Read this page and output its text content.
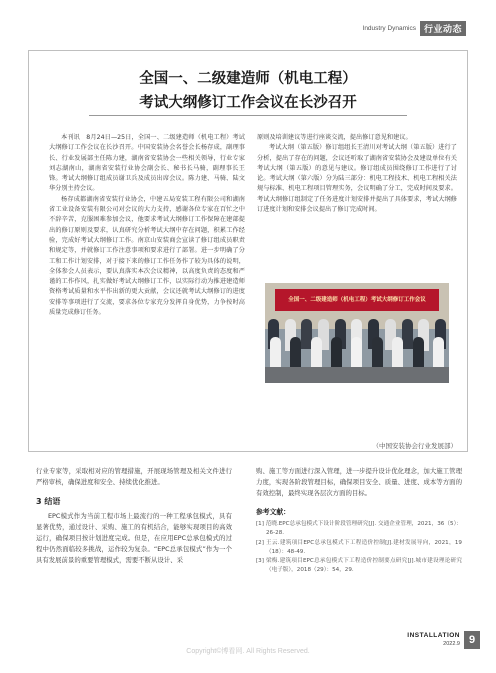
Industry Dynamics 行业动态
全国一、二级建造师（机电工程）
考试大纲修订工作会议在长沙召开

本刊讯　8月24日—25日，全国一、二级建造师（机电工程）考试大纲修订工作会议在长沙召开。中国安装协会名誉会长杨存成，副理事长、行业发展部主任陈力建，湖南省安装协会一些相关领导，行业专家刘志湖南山，湖南省安装行业协会副会长、秘书长马骑，副理事长王锋。考试大纲修订组成员谢卫兵及成员出席会议。陈力建、马骑、陆文华分别主持会议。

杨存成都湖南省安装行业协会，中建五局安装工程有限公司和湖南省工业设备安装有限公司对会议的大力支持，感谢各位专家在百忙之中不辞辛苦，克服困难参加会议，他要求考试大纲修订工作保障在建部提出的修订原则及要求，认真研究分析考试大纲中存在问题，积累工作经验，完成好考试大纲修订工作。南京山安装商会宣读了修订组成员职责和规定等，并就修订工作注意事项和要求进行了部署。进一步明确了分工和工作计划安排，对于接下来的修订工作任务作了较为具体的说明，全体参会人员表示，要认真落实本次会议精神，以高度负责的态度和严谨的工作作风，扎实做好考试大纲修订工作，以实际行动为推进建造师资格考试质量和水平作出新的更大贡献，会议还就考试大纲修订的进度安排等事项进行了交流，要求各位专家充分发挥自身优势，力争按时高质量完成修订任务。

原则及培训建议等进行座谈交流，提出修订意见和建议。

考试大纲（第五版）修订组组长王清川对考试大纲（第五版）进行了分析，提出了存在的问题，会议还听取了湖南省安装协会及建设单位有关考试大纲（第五版）的意见与建议。修订组成员围绕修订工作进行了讨论。考试大纲（第六版）分为陆三部分：机电工程技术、机电工程相关法规与标准、机电工程项目管理实务，会议明确了分工，完成时间及要求。考试大纲修订组制定了任务进度计划安排并提出了具体要求，考试大纲修订进度计划和安排会议提出了修订完成时间。

全国一、二级建造师（机电工程）考试大纲修订工作会议
（中国安装协会行业发展部）

行业专家等，采取相对应的管理措施，开展现场管理及相关文件进行严格审核，确保进度和安全、持续优化推进。

3 结语

EPC模式作为当前工程市场上最流行的一种工程承包模式，具有显著优势，通过设计、采购、施工的有机结合，能够实现项目的高效运行，确保项目按计划进度完成。但是，在应用EPC总承包模式的过程中仍然面临较多挑战，运作较为复杂。“EPC总承包模式”作为一个具有发展前景的重要管理模式，需要不断从设计、采

购、施工等方面进行深入管理，进一步提升设计优化理念，加大施工管理力度，实现各阶段管理目标，确保项目安全、质量、进度、成本等方面的有效控制，最终实现各层次方面的目标。

参考文献：
[1] 范晓.EPC总承包模式下设计阶段管理研究[J]. 交通企业管理，2021，36（5）：26-28.
[2] 王云.建筑项目EPC总承包模式下工程造价控制[J].建材发展导向，2021，19（18）：48-49.
[3] 梁梅.建筑项目EPC总承包模式下工程造价控制要点研究[J].城市建设理论研究（电子版），2018（29）：54，29.
INSTALLATION
2022.9 9
Copyright©博看网. All Rights Reserved.
